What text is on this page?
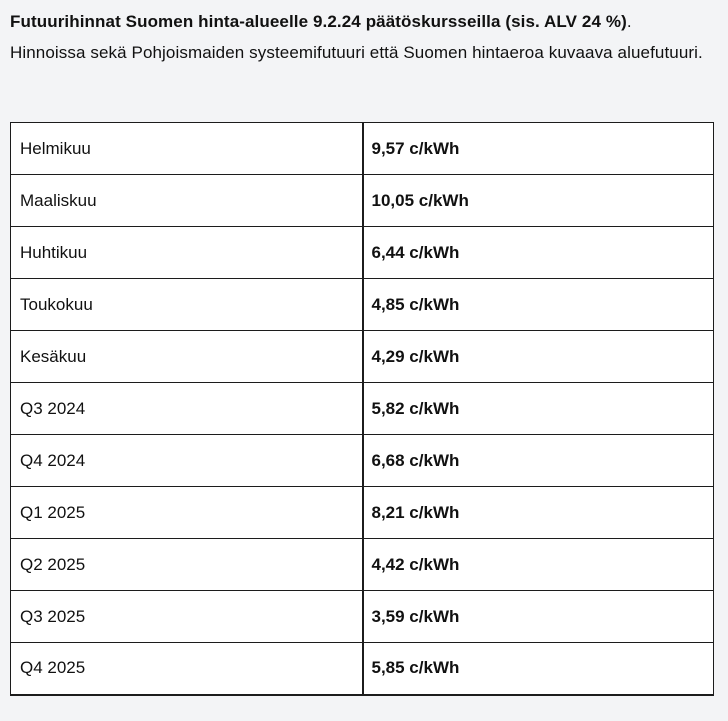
Futuurihinnat Suomen hinta-alueelle 9.2.24 päätöskursseilla (sis. ALV 24 %).
Hinnoissa sekä Pohjoismaiden systeemifutuuri että Suomen hintaeroa kuvaava aluefutuuri.
Helmikuu	9,57 c/kWh
Maaliskuu	10,05 c/kWh
Huhtikuu	6,44 c/kWh
Toukokuu	4,85 c/kWh
Kesäkuu	4,29 c/kWh
Q3 2024	5,82 c/kWh
Q4 2024	6,68 c/kWh
Q1 2025	8,21 c/kWh
Q2 2025	4,42 c/kWh
Q3 2025	3,59 c/kWh
Q4 2025	5,85 c/kWh
